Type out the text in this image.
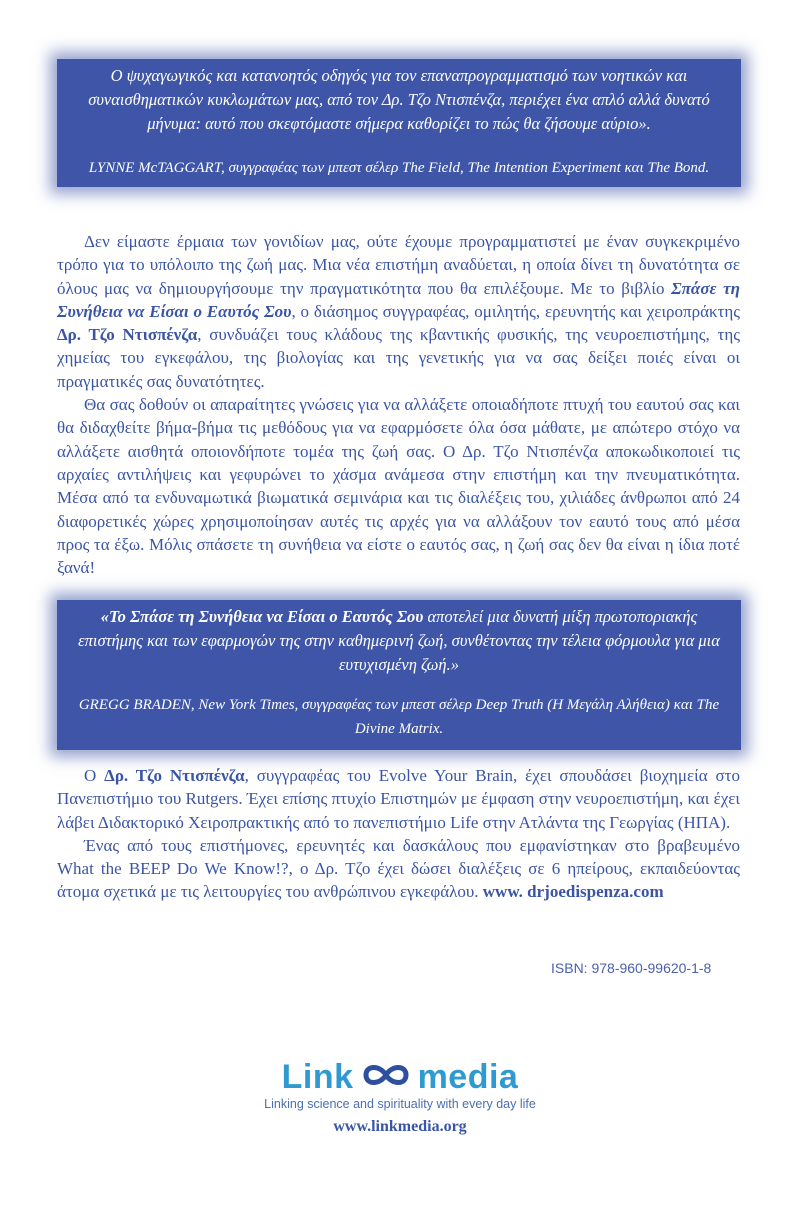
Ο ψυχαγωγικός και κατανοητός οδηγός για τον επαναπρογραμματισμό των νοητικών και συναισθηματικών κυκλωμάτων μας, από τον Δρ. Τζο Ντισπένζα, περιέχει ένα απλό αλλά δυνατό μήνυμα: αυτό που σκεφτόμαστε σήμερα καθορίζει το πώς θα ζήσουμε αύριο».

LYNNE McTAGGART, συγγραφέας των μπεστ σέλερ The Field, The Intention Experiment και The Bond.

Δεν είμαστε έρμαια των γονιδίων μας, ούτε έχουμε προγραμματιστεί με έναν συγκεκριμένο τρόπο για το υπόλοιπο της ζωή μας. Μια νέα επιστήμη αναδύεται, η οποία δίνει τη δυνατότητα σε όλους μας να δημιουργήσουμε την πραγματικότητα που θα επιλέξουμε. Με το βιβλίο Σπάσε τη Συνήθεια να Είσαι ο Εαυτός Σου, ο διάσημος συγγραφέας, ομιλητής, ερευνητής και χειροπράκτης Δρ. Τζο Ντισπένζα, συνδυάζει τους κλάδους της κβαντικής φυσικής, της νευροεπιστήμης, της χημείας του εγκεφάλου, της βιολογίας και της γενετικής για να σας δείξει ποιές είναι οι πραγματικές σας δυνατότητες.

Θα σας δοθούν οι απαραίτητες γνώσεις για να αλλάξετε οποιαδήποτε πτυχή του εαυτού σας και θα διδαχθείτε βήμα-βήμα τις μεθόδους για να εφαρμόσετε όλα όσα μάθατε, με απώτερο στόχο να αλλάξετε αισθητά οποιονδήποτε τομέα της ζωή σας. Ο Δρ. Τζο Ντισπένζα αποκωδικοποιεί τις αρχαίες αντιλήψεις και γεφυρώνει το χάσμα ανάμεσα στην επιστήμη και την πνευματικότητα. Μέσα από τα ενδυναμωτικά βιωματικά σεμινάρια και τις διαλέξεις του, χιλιάδες άνθρωποι από 24 διαφορετικές χώρες χρησιμοποίησαν αυτές τις αρχές για να αλλάξουν τον εαυτό τους από μέσα προς τα έξω. Μόλις σπάσετε τη συνήθεια να είστε ο εαυτός σας, η ζωή σας δεν θα είναι η ίδια ποτέ ξανά!

«Το Σπάσε τη Συνήθεια να Είσαι ο Εαυτός Σου αποτελεί μια δυνατή μίξη πρωτοποριακής επιστήμης και των εφαρμογών της στην καθημερινή ζωή, συνθέτοντας την τέλεια φόρμουλα για μια ευτυχισμένη ζωή.»

GREGG BRADEN, New York Times, συγγραφέας των μπεστ σέλερ Deep Truth (Η Μεγάλη Αλήθεια) και The Divine Matrix.

Ο Δρ. Τζο Ντισπένζα, συγγραφέας του Evolve Your Brain, έχει σπουδάσει βιοχημεία στο Πανεπιστήμιο του Rutgers. Έχει επίσης πτυχίο Επιστημών με έμφαση στην νευροεπιστήμη, και έχει λάβει Διδακτορικό Χειροπρακτικής από το πανεπιστήμιο Life στην Ατλάντα της Γεωργίας (ΗΠΑ).

Ένας από τους επιστήμονες, ερευνητές και δασκάλους που εμφανίστηκαν στο βραβευμένο What the BEEP Do We Know!?, ο Δρ. Τζο έχει δώσει διαλέξεις σε 6 ηπείρους, εκπαιδεύοντας άτομα σχετικά με τις λειτουργίες του ανθρώπινου εγκεφάλου. www. drjoedispenza.com

ISBN: 978-960-99620-1-8
Link media
Linking science and spirituality with every day life
www.linkmedia.org
